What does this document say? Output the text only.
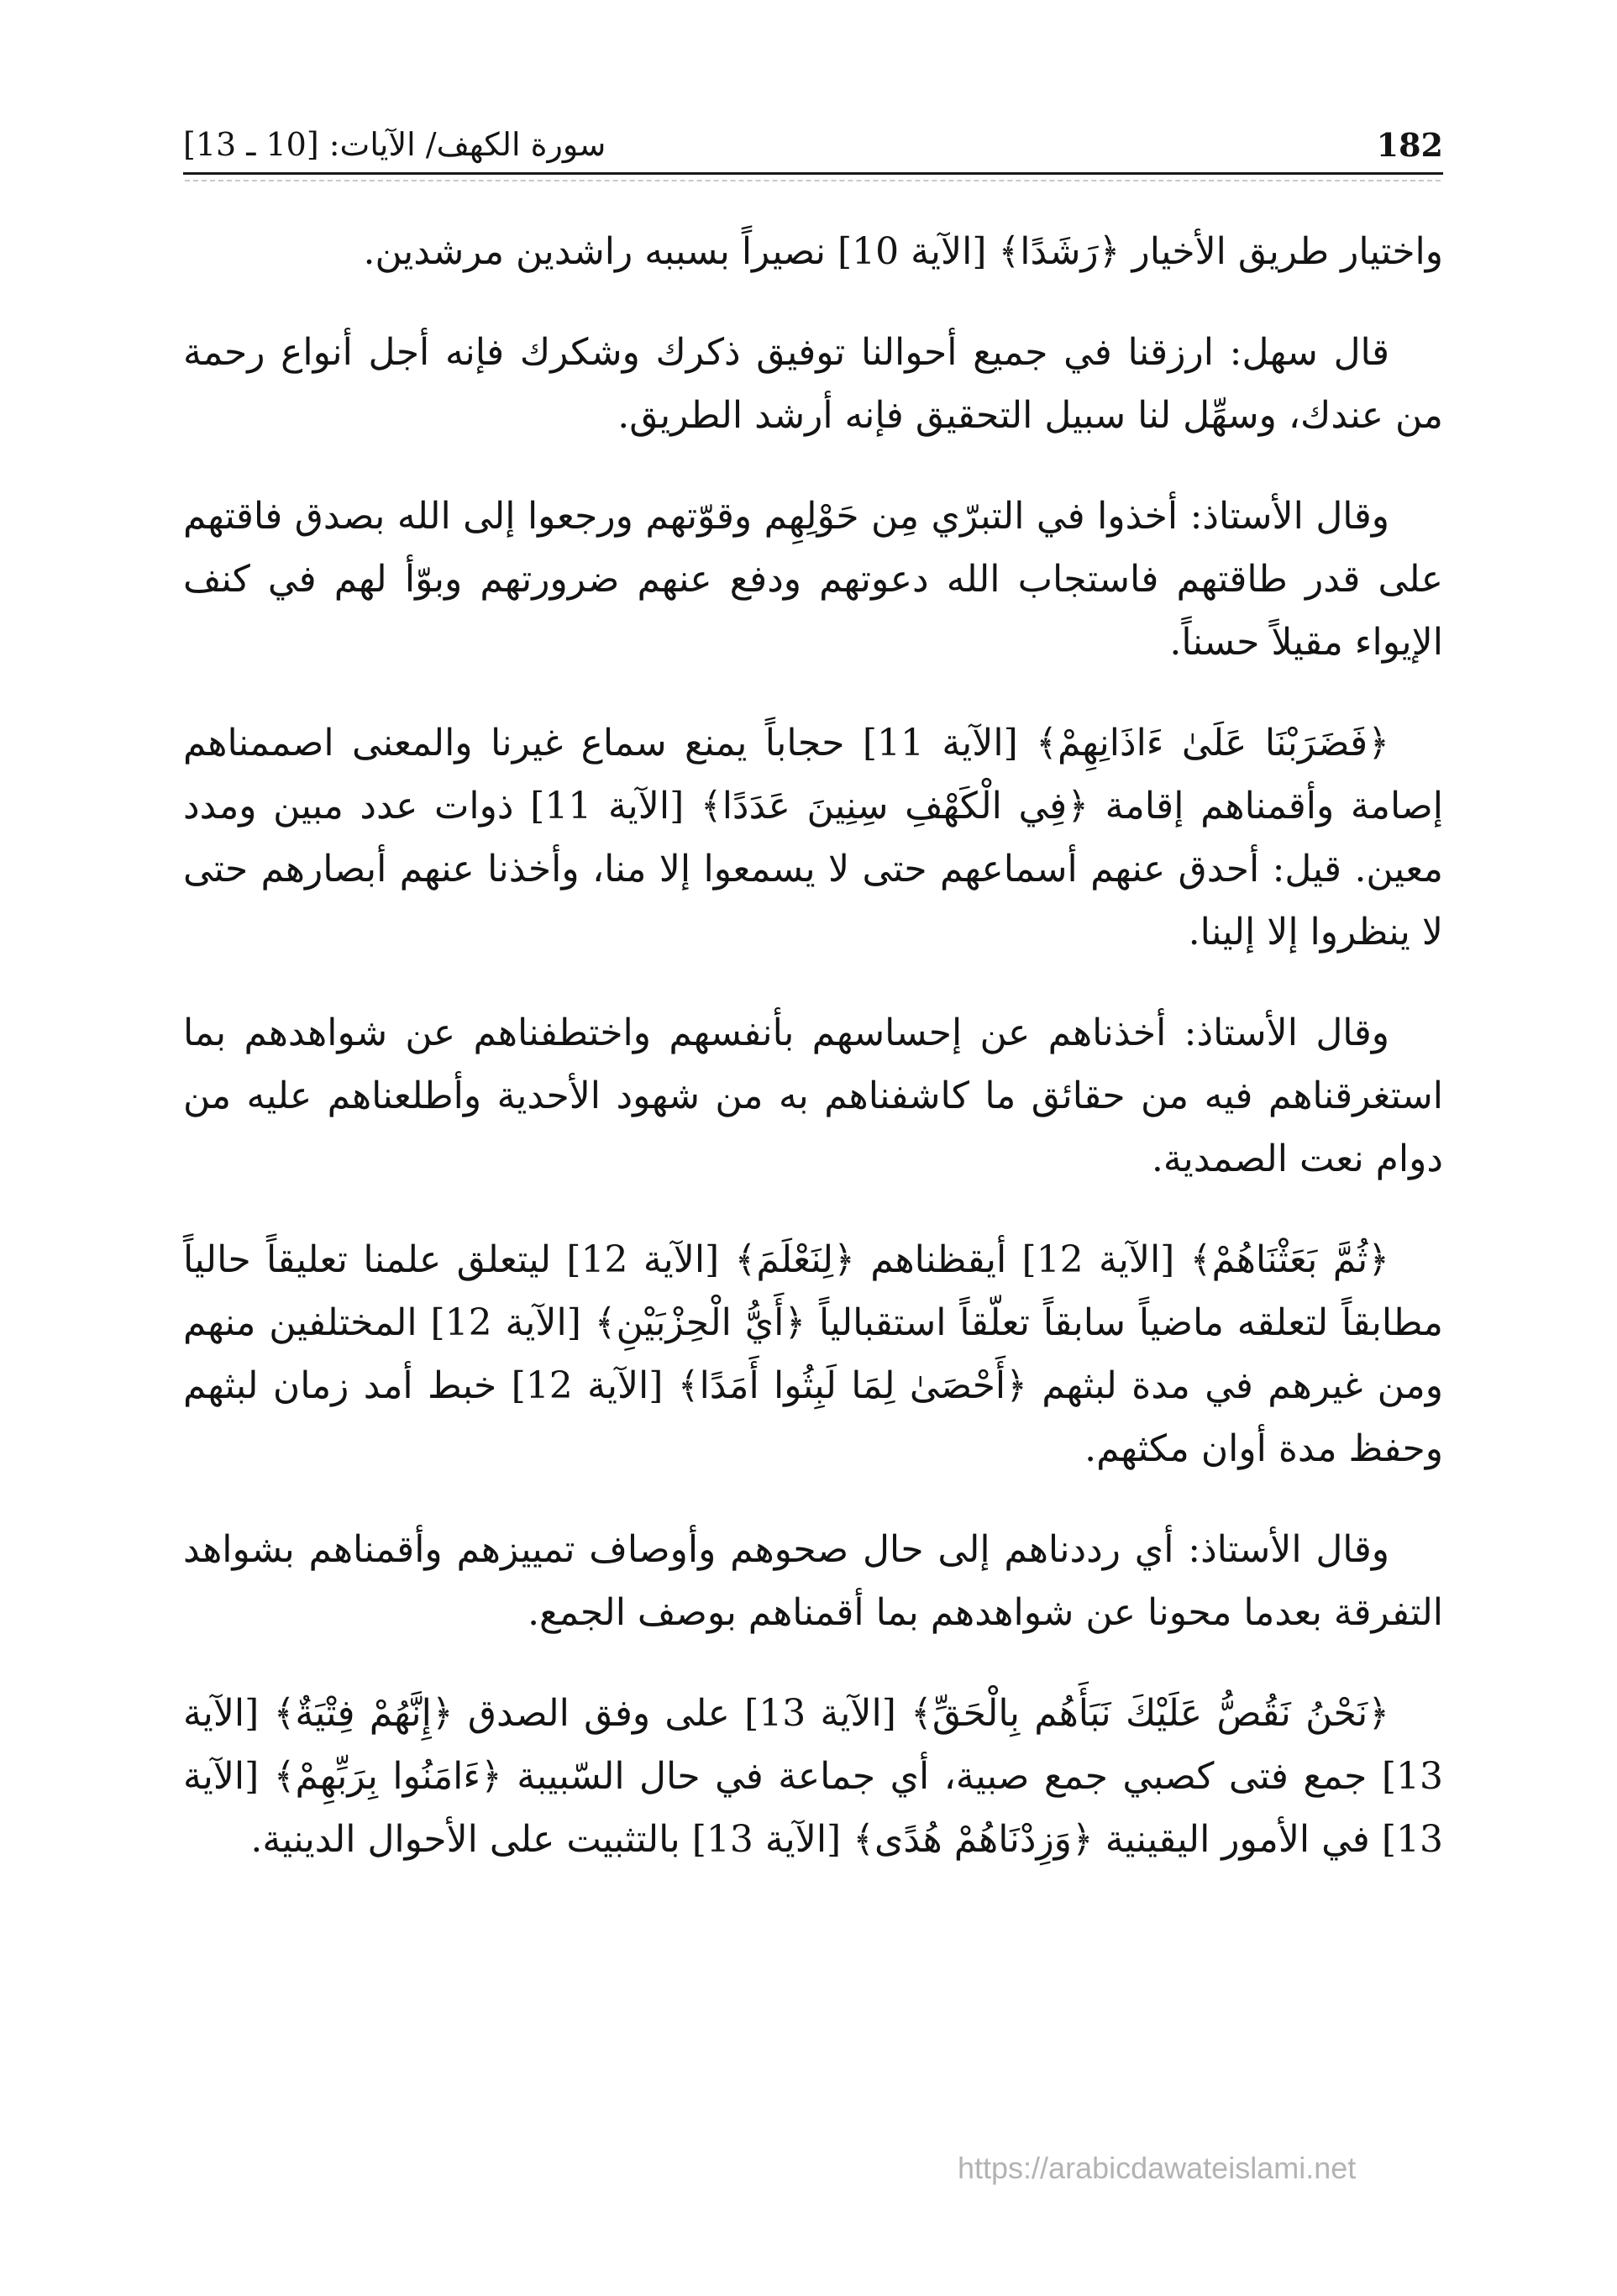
182
سورة الكهف/ الآيات: [10 ـ 13]

واختيار طريق الأخيار ﴿رَشَدًا﴾ [الآية 10] نصيراً بسببه راشدين مرشدين.

قال سهل: ارزقنا في جميع أحوالنا توفيق ذكرك وشكرك فإنه أجل أنواع رحمة من عندك، وسهِّل لنا سبيل التحقيق فإنه أرشد الطريق.

وقال الأستاذ: أخذوا في التبرّي مِن حَوْلِهِم وقوّتهم ورجعوا إلى الله بصدق فاقتهم على قدر طاقتهم فاستجاب الله دعوتهم ودفع عنهم ضرورتهم وبوّأ لهم في كنف الإيواء مقيلاً حسناً.

﴿فَضَرَبْنَا عَلَىٰ ءَاذَانِهِمْ﴾ [الآية 11] حجاباً يمنع سماع غيرنا والمعنى اصممناهم إصامة وأقمناهم إقامة ﴿فِي الْكَهْفِ سِنِينَ عَدَدًا﴾ [الآية 11] ذوات عدد مبين ومدد معين. قيل: أحدق عنهم أسماعهم حتى لا يسمعوا إلا منا، وأخذنا عنهم أبصارهم حتى لا ينظروا إلا إلينا.

وقال الأستاذ: أخذناهم عن إحساسهم بأنفسهم واختطفناهم عن شواهدهم بما استغرقناهم فيه من حقائق ما كاشفناهم به من شهود الأحدية وأطلعناهم عليه من دوام نعت الصمدية.

﴿ثُمَّ بَعَثْنَاهُمْ﴾ [الآية 12] أيقظناهم ﴿لِنَعْلَمَ﴾ [الآية 12] ليتعلق علمنا تعليقاً حالياً مطابقاً لتعلقه ماضياً سابقاً تعلّقاً استقبالياً ﴿أَيُّ الْحِزْبَيْنِ﴾ [الآية 12] المختلفين منهم ومن غيرهم في مدة لبثهم ﴿أَحْصَىٰ لِمَا لَبِثُوا أَمَدًا﴾ [الآية 12] خبط أمد زمان لبثهم وحفظ مدة أوان مكثهم.

وقال الأستاذ: أي رددناهم إلى حال صحوهم وأوصاف تمييزهم وأقمناهم بشواهد التفرقة بعدما محونا عن شواهدهم بما أقمناهم بوصف الجمع.

﴿نَحْنُ نَقُصُّ عَلَيْكَ نَبَأَهُم بِالْحَقِّ﴾ [الآية 13] على وفق الصدق ﴿إِنَّهُمْ فِتْيَةٌ﴾ [الآية 13] جمع فتى كصبي جمع صبية، أي جماعة في حال السّبيبة ﴿ءَامَنُوا بِرَبِّهِمْ﴾ [الآية 13] في الأمور اليقينية ﴿وَزِدْنَاهُمْ هُدًى﴾ [الآية 13] بالتثبيت على الأحوال الدينية.

https://arabicdawateislami.net
